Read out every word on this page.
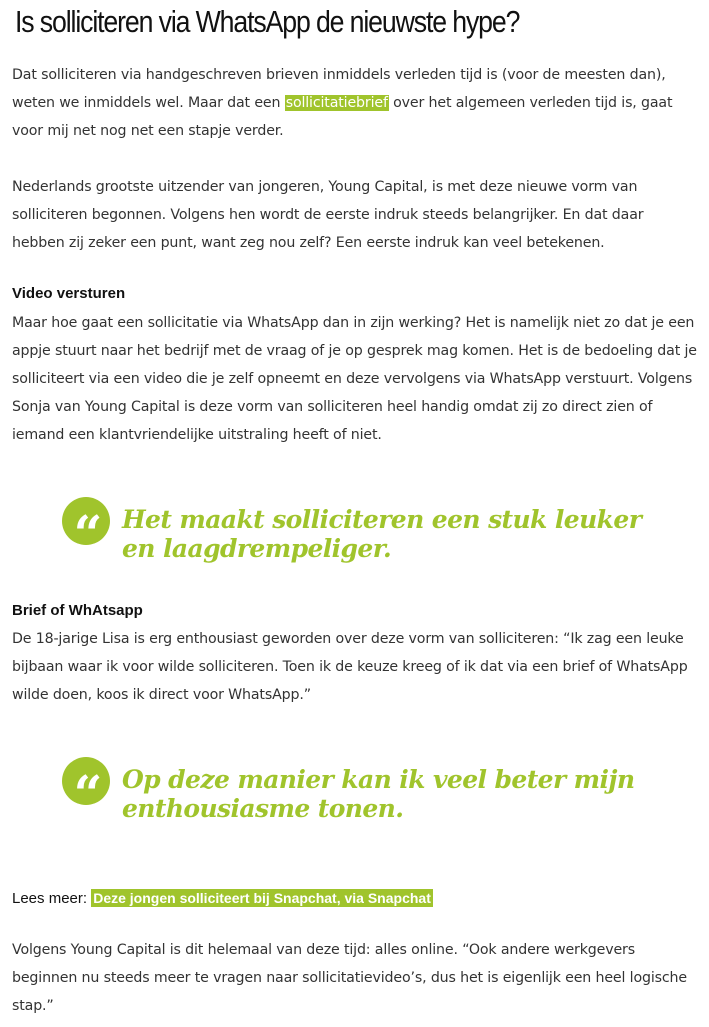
Is solliciteren via WhatsApp de nieuwste hype?

Dat solliciteren via handgeschreven brieven inmiddels verleden tijd is (voor de meesten dan), weten we inmiddels wel. Maar dat een sollicitatiebrief over het algemeen verleden tijd is, gaat voor mij net nog net een stapje verder.

Nederlands grootste uitzender van jongeren, Young Capital, is met deze nieuwe vorm van solliciteren begonnen. Volgens hen wordt de eerste indruk steeds belangrijker. En dat daar hebben zij zeker een punt, want zeg nou zelf? Een eerste indruk kan veel betekenen.

Video versturen

Maar hoe gaat een sollicitatie via WhatsApp dan in zijn werking? Het is namelijk niet zo dat je een appje stuurt naar het bedrijf met de vraag of je op gesprek mag komen. Het is de bedoeling dat je solliciteert via een video die je zelf opneemt en deze vervolgens via WhatsApp verstuurt. Volgens Sonja van Young Capital is deze vorm van solliciteren heel handig omdat zij zo direct zien of iemand een klantvriendelijke uitstraling heeft of niet.

“ Het maakt solliciteren een stuk leuker en laagdrempeliger.

Brief of WhAtsapp

De 18-jarige Lisa is erg enthousiast geworden over deze vorm van solliciteren: “Ik zag een leuke bijbaan waar ik voor wilde solliciteren. Toen ik de keuze kreeg of ik dat via een brief of WhatsApp wilde doen, koos ik direct voor WhatsApp.”

“ Op deze manier kan ik veel beter mijn enthousiasme tonen.

Lees meer: Deze jongen solliciteert bij Snapchat, via Snapchat

Volgens Young Capital is dit helemaal van deze tijd: alles online. “Ook andere werkgevers beginnen nu steeds meer te vragen naar sollicitatievideo’s, dus het is eigenlijk een heel logische stap.”
